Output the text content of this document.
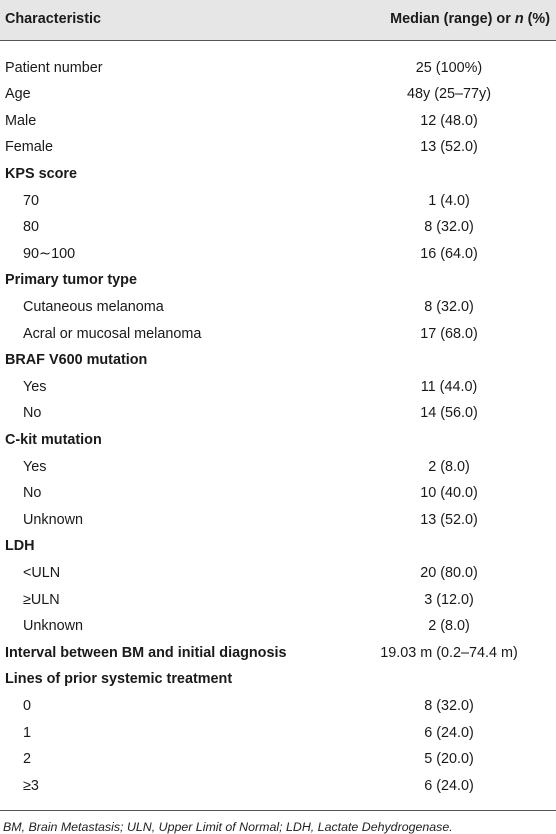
Characteristic	Median (range) or n (%)
Patient number	25 (100%)
Age	48y (25–77y)
Male	12 (48.0)
Female	13 (52.0)
KPS score	
70	1 (4.0)
80	8 (32.0)
90∼100	16 (64.0)
Primary tumor type	
Cutaneous melanoma	8 (32.0)
Acral or mucosal melanoma	17 (68.0)
BRAF V600 mutation	
Yes	11 (44.0)
No	14 (56.0)
C-kit mutation	
Yes	2 (8.0)
No	10 (40.0)
Unknown	13 (52.0)
LDH	
<ULN	20 (80.0)
≥ULN	3 (12.0)
Unknown	2 (8.0)
Interval between BM and initial diagnosis	19.03 m (0.2–74.4 m)
Lines of prior systemic treatment	
0	8 (32.0)
1	6 (24.0)
2	5 (20.0)
≥3	6 (24.0)
BM, Brain Metastasis; ULN, Upper Limit of Normal; LDH, Lactate Dehydrogenase.
